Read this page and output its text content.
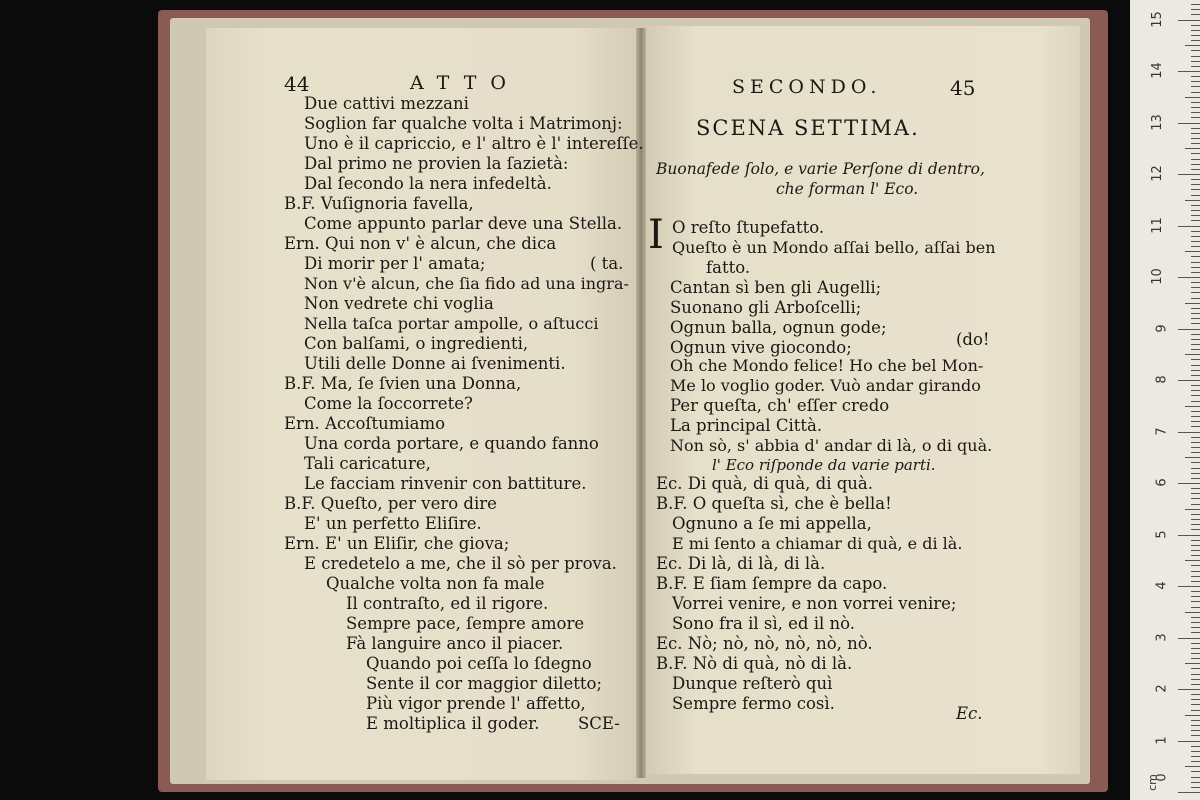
44	ATTO
Due cattivi mezzani
Soglion far qualche volta i Matrimonj:
Uno è il capriccio, e l' altro è l' intereſſe.
Dal primo ne provien la ſazietà:
Dal ſecondo la nera infedeltà.
B.F. Vuſignoria favella,
Come appunto parlar deve una Stella.
Ern. Qui non v' è alcun, che dica
Di morir per l' amata;	( ta.
Non v'è alcun, che ſia fido ad una ingra-
Non vedrete chi voglia
Nella taſca portar ampolle, o aſtucci
Con balſami, o ingredienti,
Utili delle Donne ai ſvenimenti.
B.F. Ma, ſe ſvien una Donna,
Come la ſoccorrete?
Ern. Accoſtumiamo
Una corda portare, e quando fanno
Tali caricature,
Le facciam rinvenir con battiture.
B.F. Queſto, per vero dire
E' un perfetto Eliſire.
Ern. E' un Eliſir, che giova;
E credetelo a me, che il sò per prova.
Qualche volta non fa male
Il contraſto, ed il rigore.
Sempre pace, ſempre amore
Fà languire anco il piacer.
Quando poi ceſſa lo ſdegno
Sente il cor maggior diletto;
Più vigor prende l' affetto,
E moltiplica il goder. SCE-
SECONDO.	45
SCENA SETTIMA.
Buonafede ſolo, e varie Perſone di dentro,
che forman l' Eco.
I O reſto ſtupefatto.
Queſto è un Mondo aſſai bello, aſſai ben
fatto.
Cantan sì ben gli Augelli;
Suonano gli Arboſcelli;
Ognun balla, ognun gode;
Ognun vive giocondo;	(do!
Oh che Mondo felice! Ho che bel Mon-
Me lo voglio goder. Vuò andar girando
Per queſta, ch' eſſer credo
La principal Città.
Non sò, s' abbia d' andar di là, o di quà.
l' Eco riſponde da varie parti.
Ec. Di quà, di quà, di quà.
B.F. O queſta sì, che è bella!
Ognuno a ſe mi appella,
E mi ſento a chiamar di quà, e di là.
Ec. Di là, di là, di là.
B.F. E ſiam ſempre da capo.
Vorrei venire, e non vorrei venire;
Sono fra il sì, ed il nò.
Ec. Nò; nò, nò, nò, nò, nò.
B.F. Nò di quà, nò di là.
Dunque reſterò quì
Sempre fermo così.
Ec.
1
2
3
4
5
6
7
8
9
10
11
12
13
14
15
0
cm
